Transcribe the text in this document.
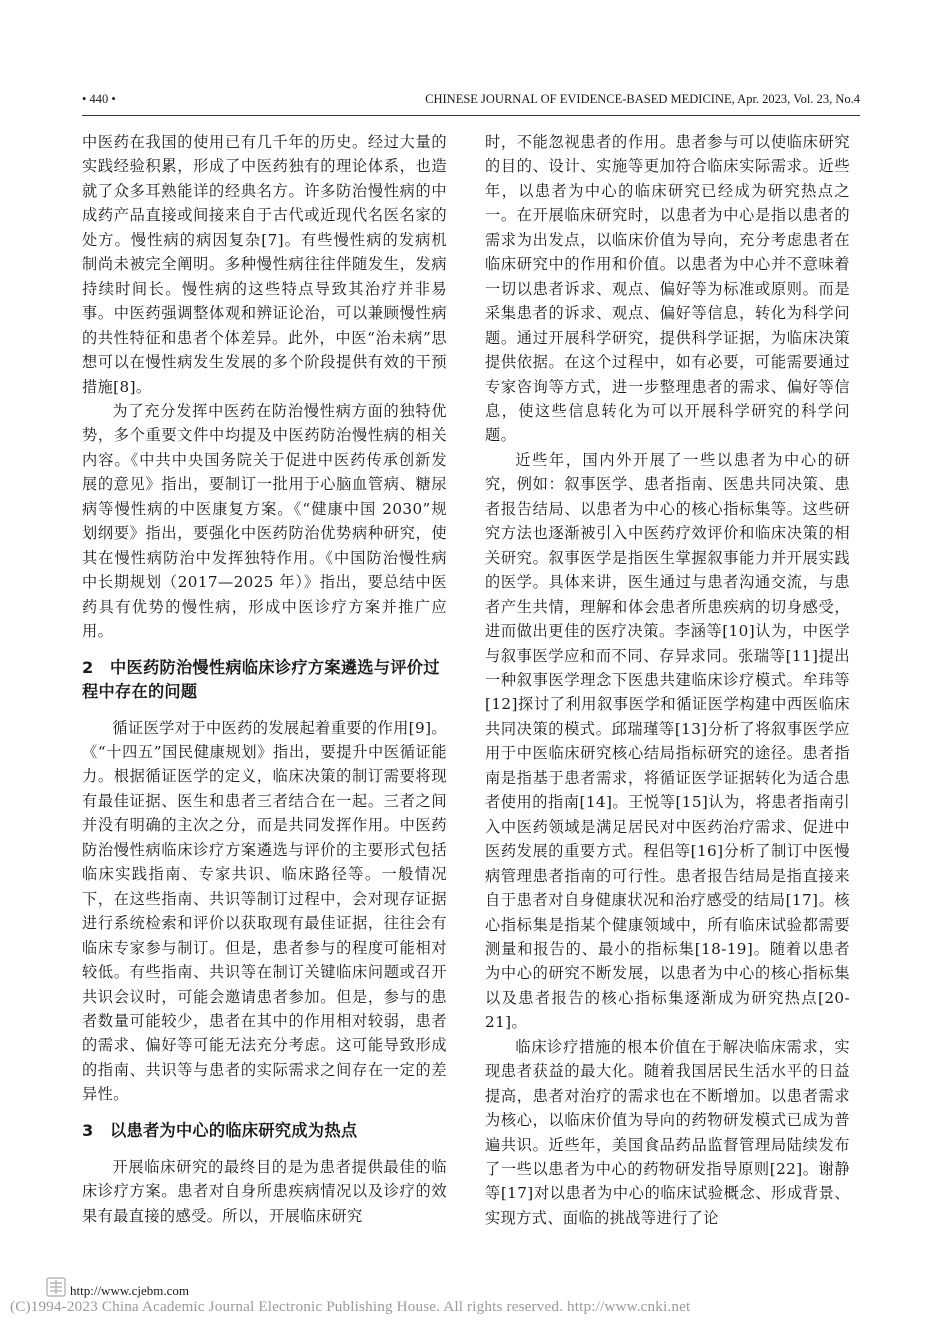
• 440 •	CHINESE JOURNAL OF EVIDENCE-BASED MEDICINE, Apr. 2023, Vol. 23, No.4

中医药在我国的使用已有几千年的历史。经过大量的实践经验积累，形成了中医药独有的理论体系，也造就了众多耳熟能详的经典名方。许多防治慢性病的中成药产品直接或间接来自于古代或近现代名医名家的处方。慢性病的病因复杂[7]。有些慢性病的发病机制尚未被完全阐明。多种慢性病往往伴随发生，发病持续时间长。慢性病的这些特点导致其治疗并非易事。中医药强调整体观和辨证论治，可以兼顾慢性病的共性特征和患者个体差异。此外，中医“治未病”思想可以在慢性病发生发展的多个阶段提供有效的干预措施[8]。

为了充分发挥中医药在防治慢性病方面的独特优势，多个重要文件中均提及中医药防治慢性病的相关内容。《中共中央国务院关于促进中医药传承创新发展的意见》指出，要制订一批用于心脑血管病、糖尿病等慢性病的中医康复方案。《“健康中国 2030”规划纲要》指出，要强化中医药防治优势病种研究，使其在慢性病防治中发挥独特作用。《中国防治慢性病中长期规划（2017—2025 年）》指出，要总结中医药具有优势的慢性病，形成中医诊疗方案并推广应用。

2 中医药防治慢性病临床诊疗方案遴选与评价过程中存在的问题

循证医学对于中医药的发展起着重要的作用[9]。《“十四五”国民健康规划》指出，要提升中医循证能力。根据循证医学的定义，临床决策的制订需要将现有最佳证据、医生和患者三者结合在一起。三者之间并没有明确的主次之分，而是共同发挥作用。中医药防治慢性病临床诊疗方案遴选与评价的主要形式包括临床实践指南、专家共识、临床路径等。一般情况下，在这些指南、共识等制订过程中，会对现存证据进行系统检索和评价以获取现有最佳证据，往往会有临床专家参与制订。但是，患者参与的程度可能相对较低。有些指南、共识等在制订关键临床问题或召开共识会议时，可能会邀请患者参加。但是，参与的患者数量可能较少，患者在其中的作用相对较弱，患者的需求、偏好等可能无法充分考虑。这可能导致形成的指南、共识等与患者的实际需求之间存在一定的差异性。

3 以患者为中心的临床研究成为热点

开展临床研究的最终目的是为患者提供最佳的临床诊疗方案。患者对自身所患疾病情况以及诊疗的效果有最直接的感受。所以，开展临床研究

时，不能忽视患者的作用。患者参与可以使临床研究的目的、设计、实施等更加符合临床实际需求。近些年，以患者为中心的临床研究已经成为研究热点之一。在开展临床研究时，以患者为中心是指以患者的需求为出发点，以临床价值为导向，充分考虑患者在临床研究中的作用和价值。以患者为中心并不意味着一切以患者诉求、观点、偏好等为标准或原则。而是采集患者的诉求、观点、偏好等信息，转化为科学问题。通过开展科学研究，提供科学证据，为临床决策提供依据。在这个过程中，如有必要，可能需要通过专家咨询等方式，进一步整理患者的需求、偏好等信息，使这些信息转化为可以开展科学研究的科学问题。

近些年，国内外开展了一些以患者为中心的研究，例如：叙事医学、患者指南、医患共同决策、患者报告结局、以患者为中心的核心指标集等。这些研究方法也逐渐被引入中医药疗效评价和临床决策的相关研究。叙事医学是指医生掌握叙事能力并开展实践的医学。具体来讲，医生通过与患者沟通交流，与患者产生共情，理解和体会患者所患疾病的切身感受，进而做出更佳的医疗决策。李涵等[10]认为，中医学与叙事医学应和而不同、存异求同。张瑞等[11]提出一种叙事医学理念下医患共建临床诊疗模式。牟玮等[12]探讨了利用叙事医学和循证医学构建中西医临床共同决策的模式。邱瑞瑾等[13]分析了将叙事医学应用于中医临床研究核心结局指标研究的途径。患者指南是指基于患者需求，将循证医学证据转化为适合患者使用的指南[14]。王悦等[15]认为，将患者指南引入中医药领域是满足居民对中医药治疗需求、促进中医药发展的重要方式。程侣等[16]分析了制订中医慢病管理患者指南的可行性。患者报告结局是指直接来自于患者对自身健康状况和治疗感受的结局[17]。核心指标集是指某个健康领域中，所有临床试验都需要测量和报告的、最小的指标集[18-19]。随着以患者为中心的研究不断发展，以患者为中心的核心指标集以及患者报告的核心指标集逐渐成为研究热点[20-21]。

临床诊疗措施的根本价值在于解决临床需求，实现患者获益的最大化。随着我国居民生活水平的日益提高，患者对治疗的需求也在不断增加。以患者需求为核心，以临床价值为导向的药物研发模式已成为普遍共识。近些年，美国食品药品监督管理局陆续发布了一些以患者为中心的药物研发指导原则[22]。谢静等[17]对以患者为中心的临床试验概念、形成背景、实现方式、面临的挑战等进行了论

http://www.cjebm.com
(C)1994-2023 China Academic Journal Electronic Publishing House. All rights reserved. http://www.cnki.net
